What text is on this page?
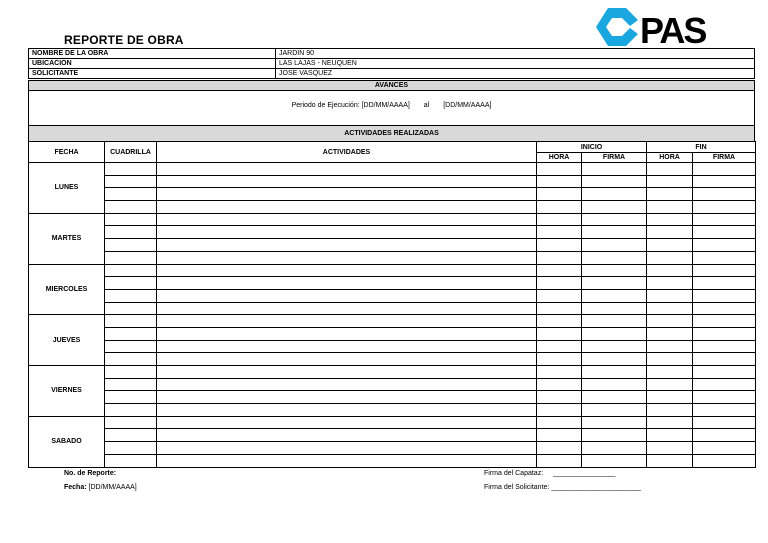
REPORTE DE OBRA	PAS
NOMBRE DE LA OBRA	JARDIN 90
UBICACIÓN	LAS LAJAS - NEUQUEN
SOLICITANTE	JOSE VASQUEZ
AVANCES
Periodo de Ejecución: [DD/MM/AAAA] al [DD/MM/AAAA]
ACTIVIDADES REALIZADAS
FECHA	CUADRILLA	ACTIVIDADES	INICIO		FIN	
			HORA	FIRMA	HORA	FIRMA
LUNES						

MARTES						

MIERCOLES						

JUEVES						

VIERNES						

SABADO						

No. de Reporte:
Fecha: [DD/MM/AAAA]
Firma del Capataz: ________________
Firma del Solicitante: _______________________
